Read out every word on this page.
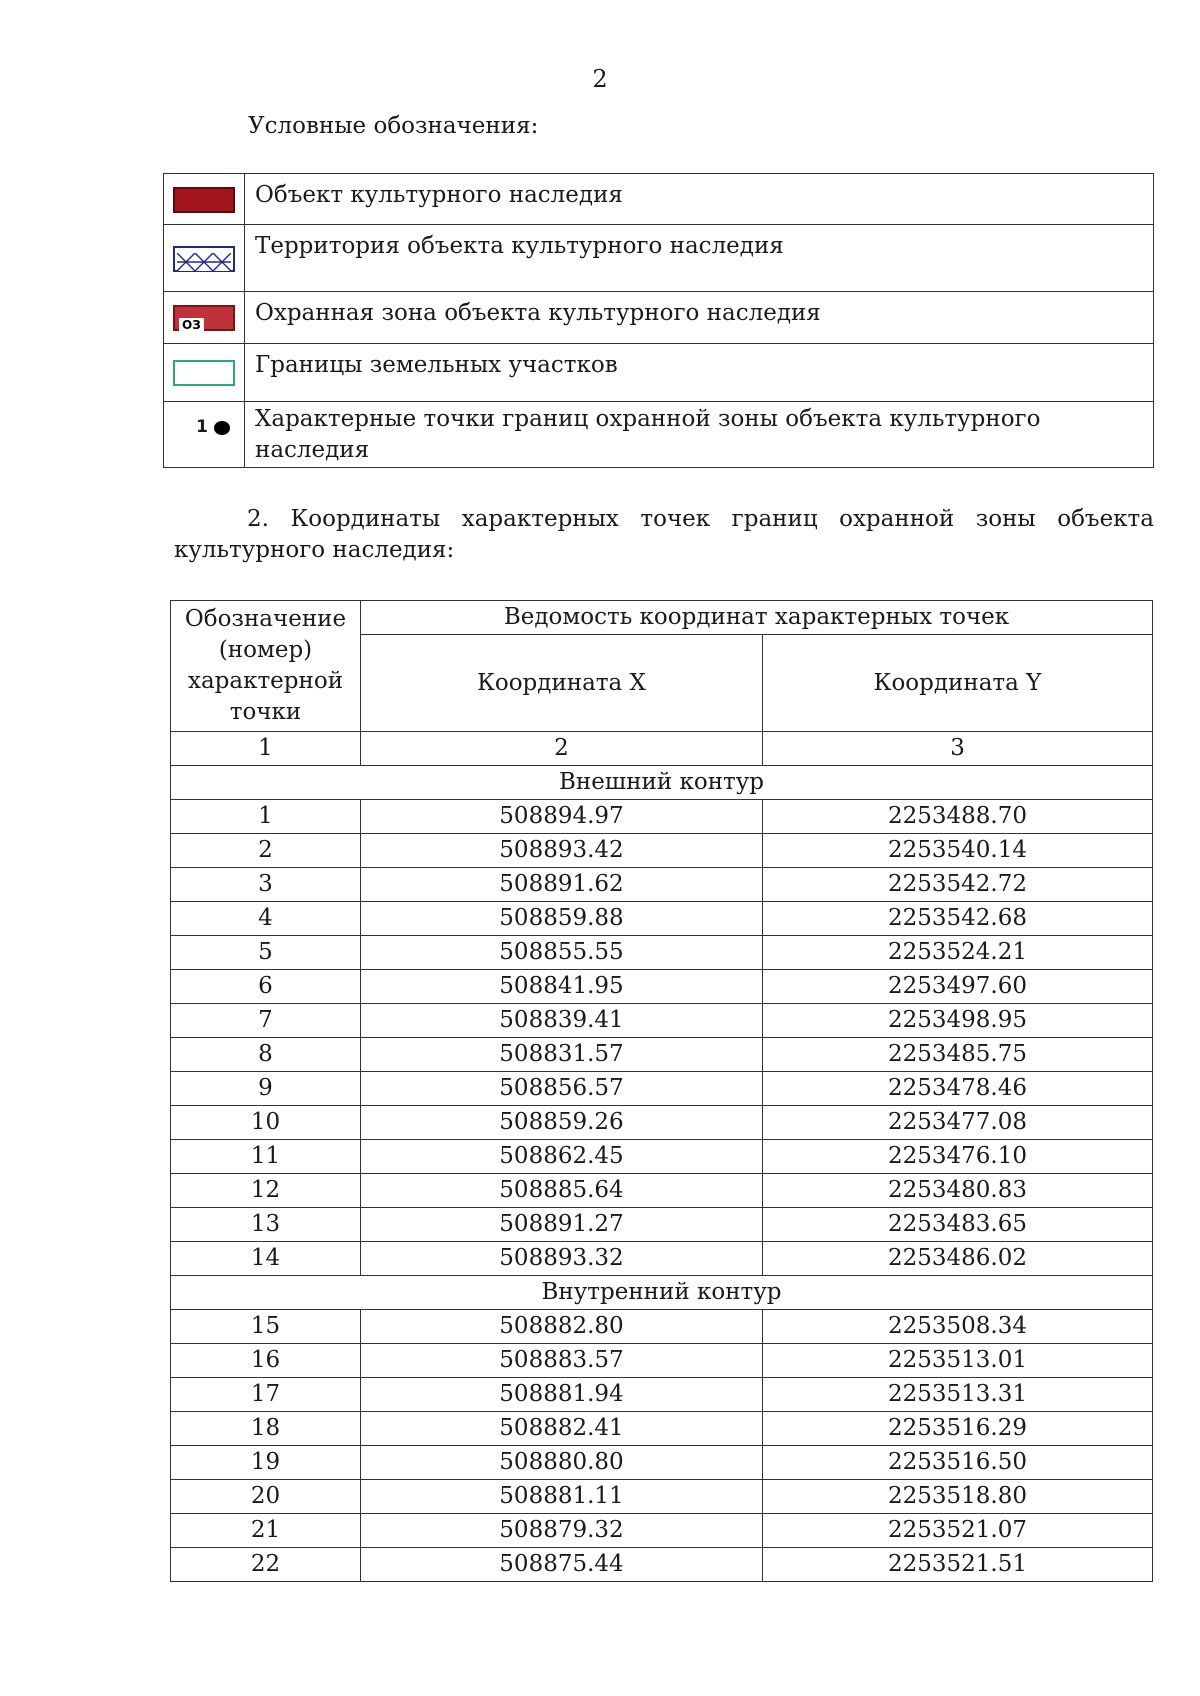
2
Условные обозначения:
	Объект культурного наследия
	Территория объекта культурного наследия
ОЗ	Охранная зона объекта культурного наследия
	Границы земельных участков

1	Характерные точки границ охранной зоны объекта культурного наследия
2. Координаты характерных точек границ охранной зоны объекта культурного наследия:
Обозначение (номер) характерной точки	Ведомость координат характерных точек	
	Координата X	Координата Y
1	2	3
Внешний контур		
1	508894.97	2253488.70
2	508893.42	2253540.14
3	508891.62	2253542.72
4	508859.88	2253542.68
5	508855.55	2253524.21
6	508841.95	2253497.60
7	508839.41	2253498.95
8	508831.57	2253485.75
9	508856.57	2253478.46
10	508859.26	2253477.08
11	508862.45	2253476.10
12	508885.64	2253480.83
13	508891.27	2253483.65
14	508893.32	2253486.02
Внутренний контур		
15	508882.80	2253508.34
16	508883.57	2253513.01
17	508881.94	2253513.31
18	508882.41	2253516.29
19	508880.80	2253516.50
20	508881.11	2253518.80
21	508879.32	2253521.07
22	508875.44	2253521.51
